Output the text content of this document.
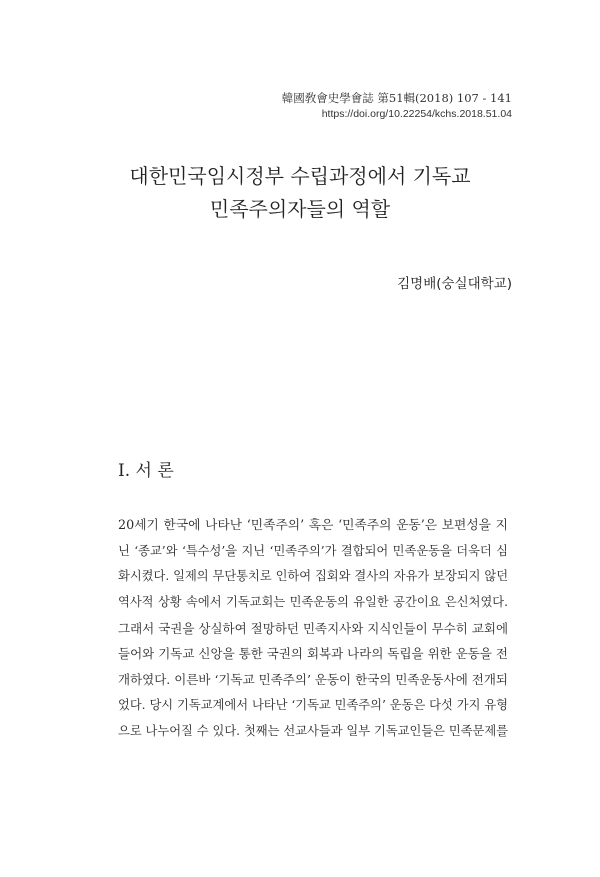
韓國敎會史學會誌 第51輯(2018) 107 - 141
https://doi.org/10.22254/kchs.2018.51.04
대한민국임시정부 수립과정에서 기독교
민족주의자들의 역할
김명배(숭실대학교)
I. 서 론
20세기 한국에 나타난 ‘민족주의’ 혹은 ‘민족주의 운동’은 보편성을 지
닌 ‘종교’와 ‘특수성’을 지닌 ‘민족주의’가 결합되어 민족운동을 더욱더 심
화시켰다. 일제의 무단통치로 인하여 집회와 결사의 자유가 보장되지 않던
역사적 상황 속에서 기독교회는 민족운동의 유일한 공간이요 은신처였다.
그래서 국권을 상실하여 절망하던 민족지사와 지식인들이 무수히 교회에
들어와 기독교 신앙을 통한 국권의 회복과 나라의 독립을 위한 운동을 전
개하였다. 이른바 ‘기독교 민족주의’ 운동이 한국의 민족운동사에 전개되
었다. 당시 기독교계에서 나타난 ‘기독교 민족주의’ 운동은 다섯 가지 유형
으로 나누어질 수 있다. 첫째는 선교사들과 일부 기독교인들은 민족문제를
